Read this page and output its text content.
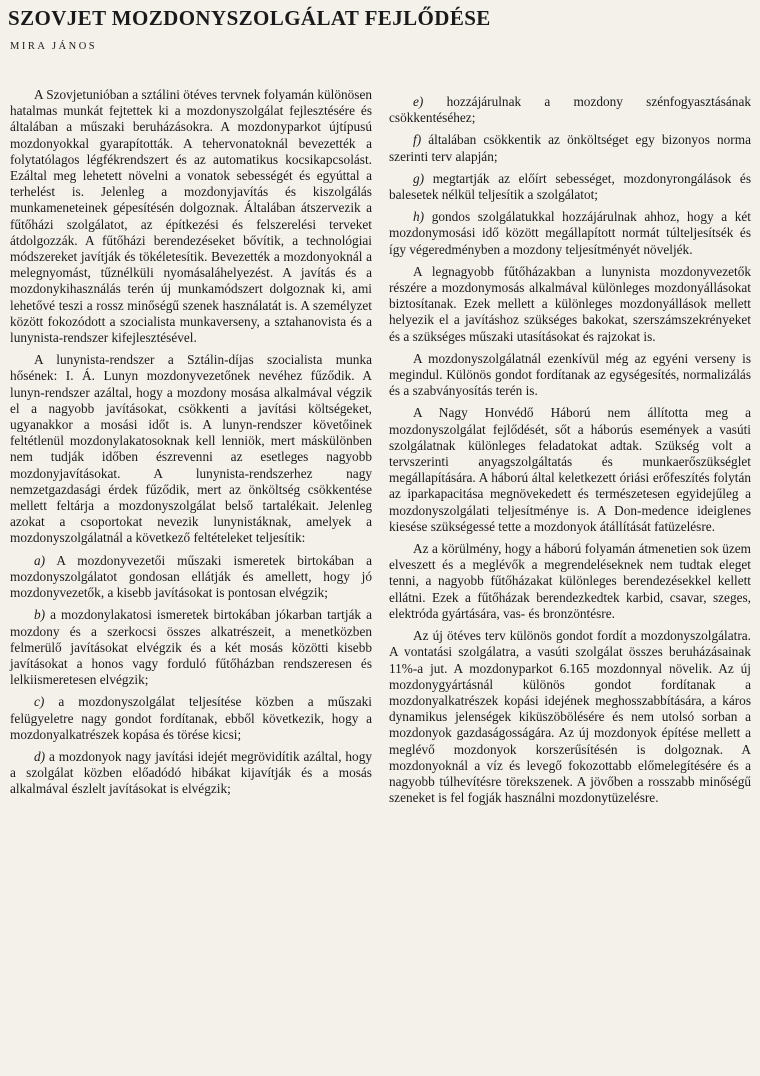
SZOVJET MOZDONYSZOLGÁLAT FEJLŐDÉSE
MIRA JÁNOS

A Szovjetunióban a sztálini ötéves tervnek folyamán különösen hatalmas munkát fejtettek ki a mozdonyszolgálat fejlesztésére és általában a műszaki beruházásokra. A mozdonyparkot újtípusú mozdonyokkal gyarapították. A tehervonatoknál bevezették a folytatólagos légfékrendszert és az automatikus kocsikapcsolást. Ezáltal meg lehetett növelni a vonatok sebességét és egyúttal a terhelést is. Jelenleg a mozdonyjavítás és kiszolgálás munkameneteinek gépesítésén dolgoznak. Általában átszervezik a fűtőházi szolgálatot, az építkezési és felszerelési terveket átdolgozzák. A fűtőházi berendezéseket bővítik, a technológiai módszereket javítják és tökéletesítik. Bevezették a mozdonyoknál a melegnyomást, tűznélküli nyomásaláhelyezést. A javítás és a mozdonykihasználás terén új munkamódszert dolgoznak ki, ami lehetővé teszi a rossz minőségű szenek használatát is. A személyzet között fokozódott a szocialista munkaverseny, a sztahanovista és a lunynista-rendszer kifejlesztésével.

A lunynista-rendszer a Sztálin-díjas szocialista munka hősének: I. Á. Lunyn mozdonyvezetőnek nevéhez fűződik. A lunyn-rendszer azáltal, hogy a mozdony mosása alkalmával végzik el a nagyobb javításokat, csökkenti a javítási költségeket, ugyanakkor a mosási időt is. A lunyn-rendszer követőinek feltétlenül mozdonylakatosoknak kell lenniök, mert máskülönben nem tudják időben észrevenni az esetleges nagyobb mozdonyjavításokat. A lunynista-rendszerhez nagy nemzetgazdasági érdek fűződik, mert az önköltség csökkentése mellett feltárja a mozdonyszolgálat belső tartalékait. Jelenleg azokat a csoportokat nevezik lunynistáknak, amelyek a mozdonyszolgálatnál a következő feltételeket teljesítik:

a) A mozdonyvezetői műszaki ismeretek birtokában a mozdonyszolgálatot gondosan ellátják és amellett, hogy jó mozdonyvezetők, a kisebb javításokat is pontosan elvégzik;

b) a mozdonylakatosi ismeretek birtokában jókarban tartják a mozdony és a szerkocsi összes alkatrészeit, a menetközben felmerülő javításokat elvégzik és a két mosás közötti kisebb javításokat a honos vagy forduló fűtőházban rendszeresen és lelkiismeretesen elvégzik;

c) a mozdonyszolgálat teljesítése közben a műszaki felügyeletre nagy gondot fordítanak, ebből következik, hogy a mozdonyalkatrészek kopása és törése kicsi;

d) a mozdonyok nagy javítási idejét megrövidítik azáltal, hogy a szolgálat közben előadódó hibákat kijavítják és a mosás alkalmával észlelt javításokat is elvégzik;

e) hozzájárulnak a mozdony szénfogyasztásának csökkentéséhez;

f) általában csökkentik az önköltséget egy bizonyos norma szerinti terv alapján;

g) megtartják az előírt sebességet, mozdonyrongálások és balesetek nélkül teljesítik a szolgálatot;

h) gondos szolgálatukkal hozzájárulnak ahhoz, hogy a két mozdonymosási idő között megállapított normát túlteljesítsék és így végeredményben a mozdony teljesítményét növeljék.

A legnagyobb fűtőházakban a lunynista mozdonyvezetők részére a mozdonymosás alkalmával különleges mozdonyállásokat biztosítanak. Ezek mellett a különleges mozdonyállások mellett helyezik el a javításhoz szükséges bakokat, szerszámszekrényeket és a szükséges műszaki utasításokat és rajzokat is.

A mozdonyszolgálatnál ezenkívül még az egyéni verseny is megindul. Különös gondot fordítanak az egységesítés, normalizálás és a szabványosítás terén is.

A Nagy Honvédő Háború nem állította meg a mozdonyszolgálat fejlődését, sőt a háborús események a vasúti szolgálatnak különleges feladatokat adtak. Szükség volt a tervszerinti anyagszolgáltatás és munkaerőszükséglet megállapítására. A háború által keletkezett óriási erőfeszítés folytán az iparkapacitása megnövekedett és természetesen egyidejűleg a mozdonyszolgálati teljesítménye is. A Don-medence ideiglenes kiesése szükségessé tette a mozdonyok átállítását fatüzelésre.

Az a körülmény, hogy a háború folyamán átmenetien sok üzem elveszett és a meglévők a megrendeléseknek nem tudtak eleget tenni, a nagyobb fűtőházakat különleges berendezésekkel kellett ellátni. Ezek a fűtőházak berendezkedtek karbid, csavar, szeges, elektróda gyártására, vas- és bronzöntésre.

Az új ötéves terv különös gondot fordít a mozdonyszolgálatra. A vontatási szolgálatra, a vasúti szolgálat összes beruházásainak 11%-a jut. A mozdonyparkot 6.165 mozdonnyal növelik. Az új mozdonygyártásnál különös gondot fordítanak a mozdonyalkatrészek kopási idejének meghosszabbítására, a káros dynamikus jelenségek kiküszöbölésére és nem utolsó sorban a mozdonyok gazdaságosságára. Az új mozdonyok építése mellett a meglévő mozdonyok korszerűsítésén is dolgoznak. A mozdonyoknál a víz és levegő fokozottabb előmelegítésére és a nagyobb túlhevítésre törekszenek. A jövőben a rosszabb minőségű szeneket is fel fogják használni mozdonytüzelésre.
